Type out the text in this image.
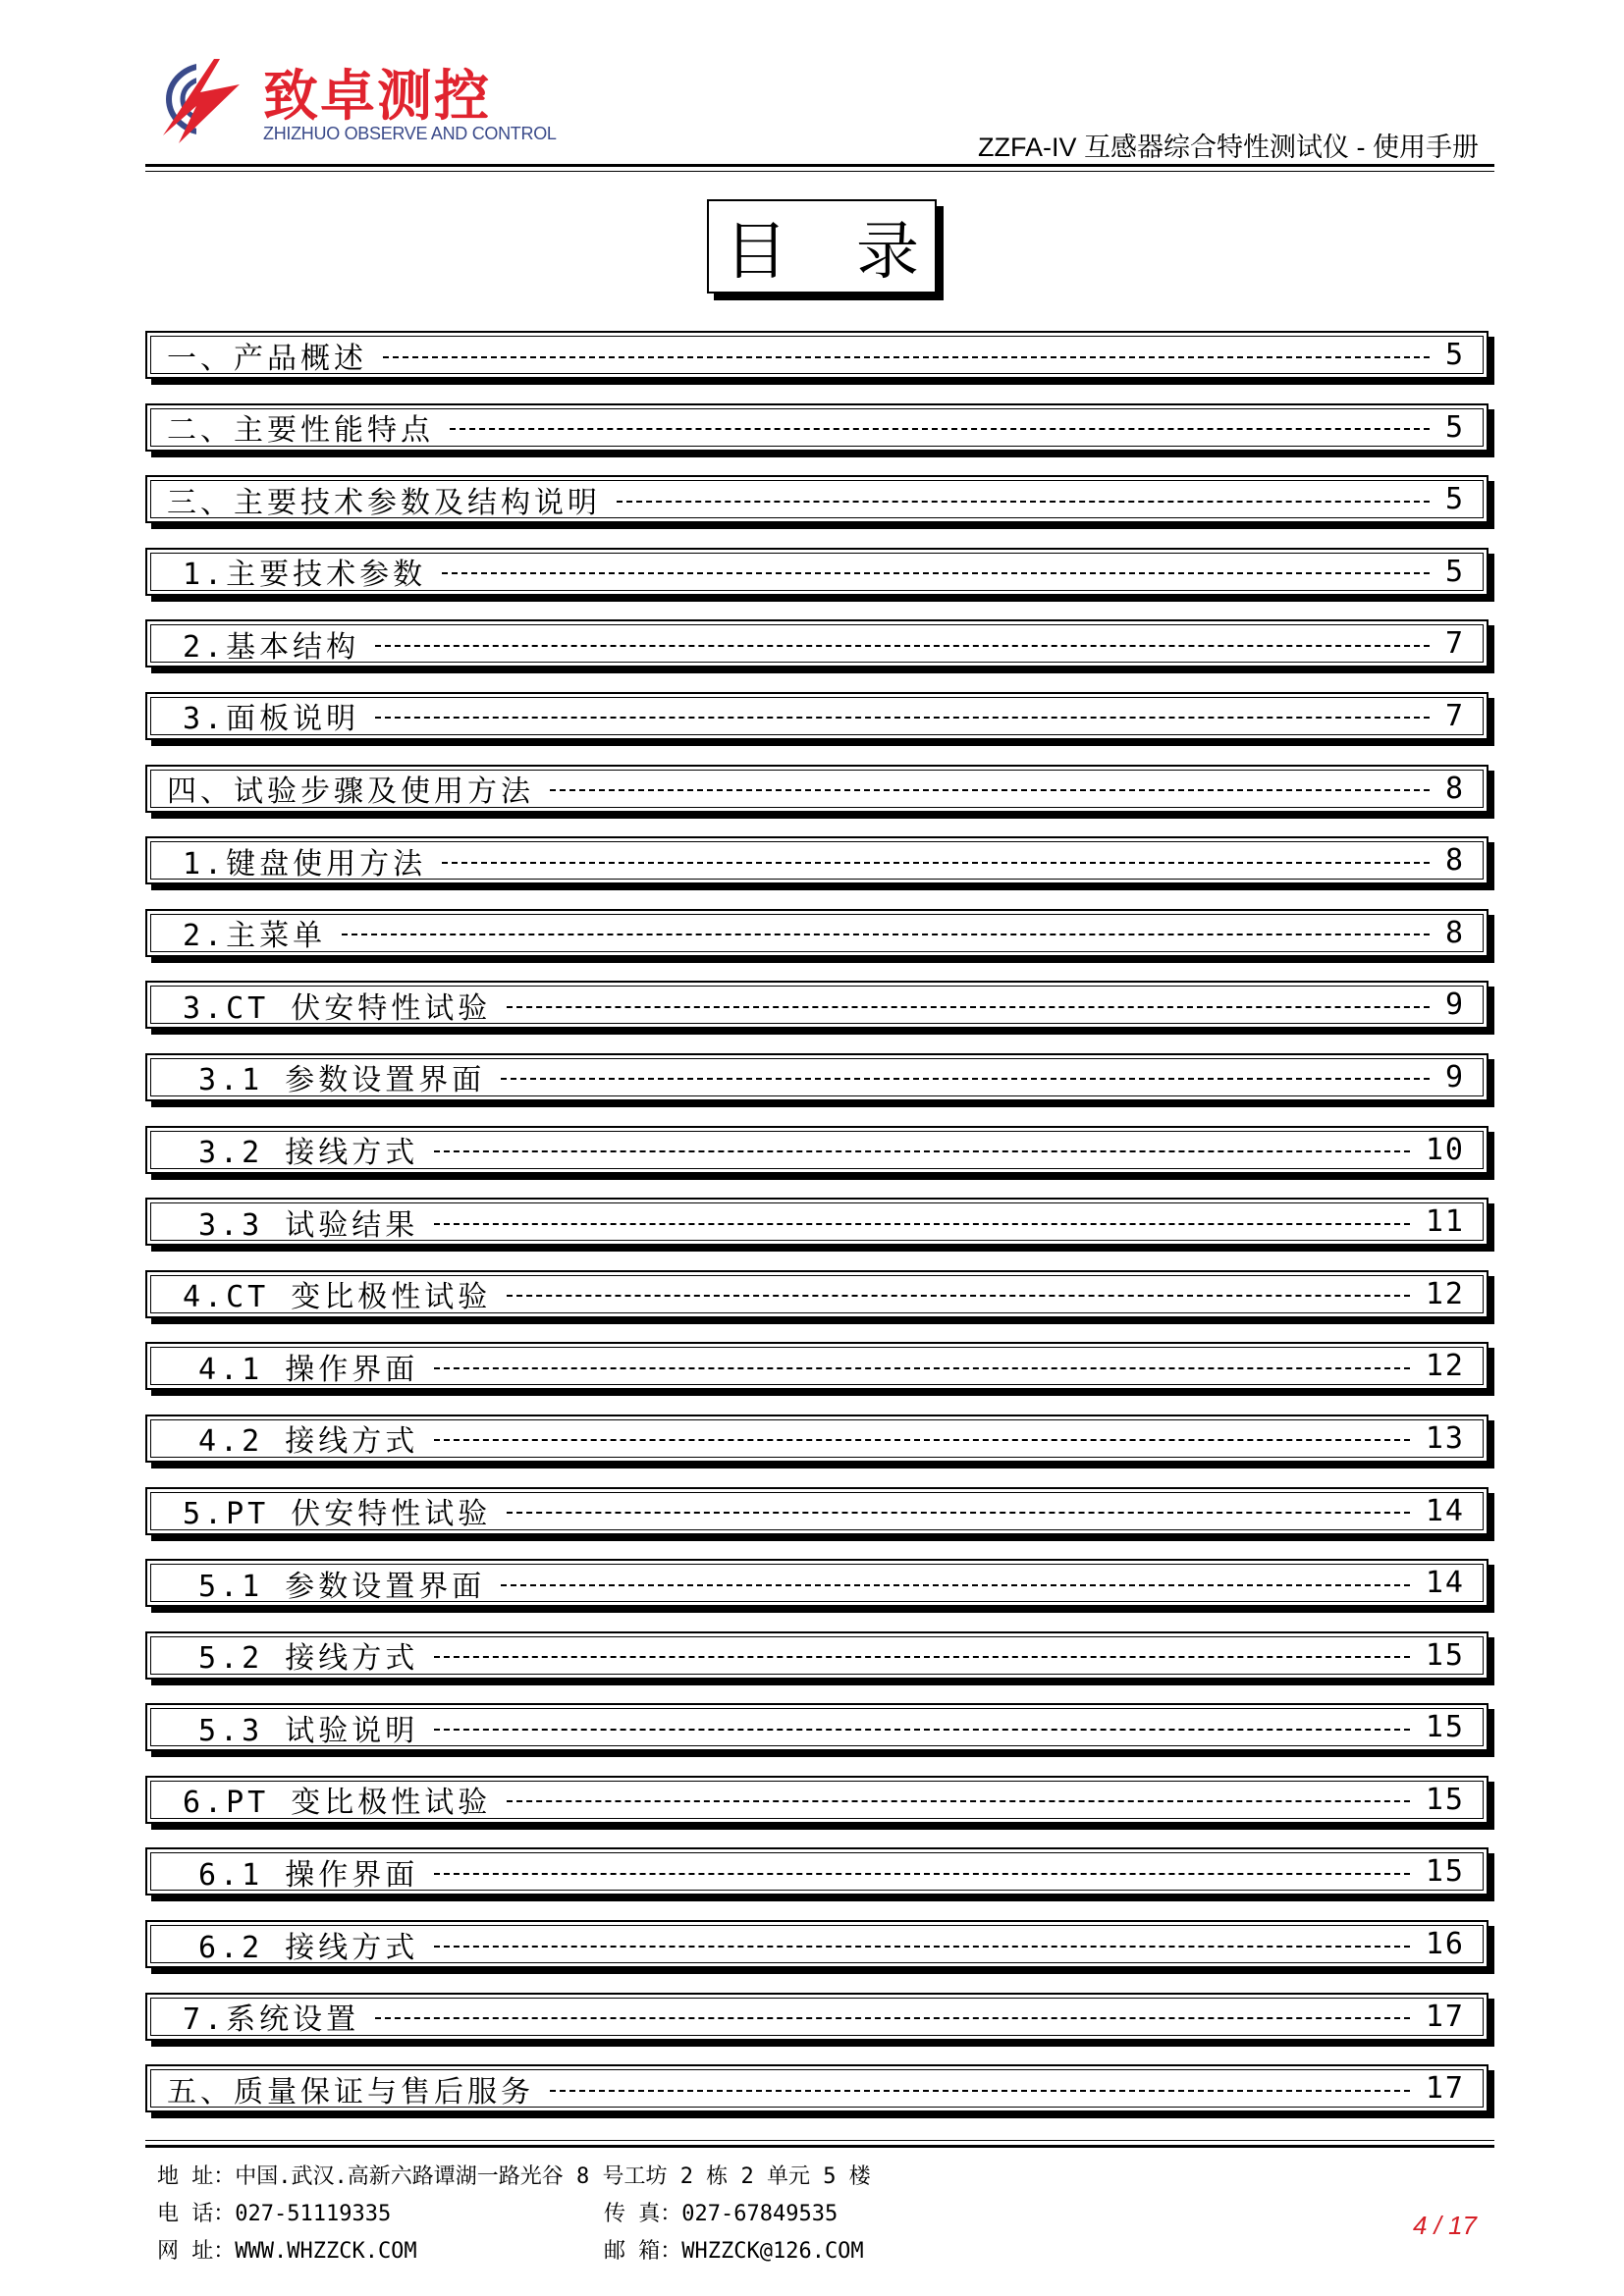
致卓测控
ZHIZHUO OBSERVE AND CONTROL	ZZFA-IV 互感器综合特性测试仪 - 使用手册
目录
一、产品概述	5
二、主要性能特点	5
三、主要技术参数及结构说明	5
1.主要技术参数	5
2.基本结构	7
3.面板说明	7
四、试验步骤及使用方法	8
1.键盘使用方法	8
2.主菜单	8
3.CT 伏安特性试验	9
3.1 参数设置界面	9
3.2 接线方式	10
3.3 试验结果	11
4.CT 变比极性试验	12
4.1 操作界面	12
4.2 接线方式	13
5.PT 伏安特性试验	14
5.1 参数设置界面	14
5.2 接线方式	15
5.3 试验说明	15
6.PT 变比极性试验	15
6.1 操作界面	15
6.2 接线方式	16
7.系统设置	17
五、质量保证与售后服务	17
地 址：中国.武汉.高新六路谭湖一路光谷 8 号工坊 2 栋 2 单元 5 楼
电 话：027-51119335	传 真：027-67849535
网 址：WWW.WHZZCK.COM	邮 箱：WHZZCK@126.COM
4 / 17
